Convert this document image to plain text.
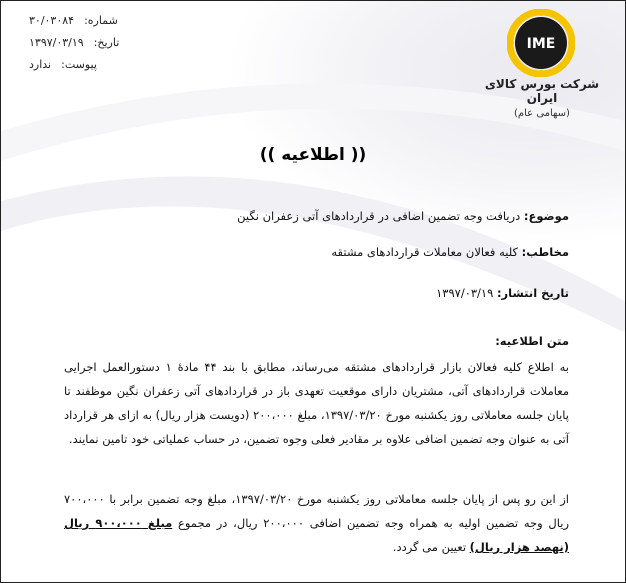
شماره:
۳۰/۰۳۰۸۴
تاریخ:
۱۳۹۷/۰۳/۱۹
پیوست:
ندارد
IME
شرکت بورس کالای ایران
(سهامی عام)
(( اطلاعیه ))
موضوع: دریافت وجه تضمین اضافی در قراردادهای آتی زعفران نگین
مخاطب: کلیه فعالان معاملات قراردادهای مشتقه
تاریخ انتشار: ۱۳۹۷/۰۳/۱۹
متن اطلاعیه:
به اطلاع کلیه فعالان بازار قراردادهای مشتقه می‌رساند، مطابق با بند ۴۴ مادهٔ ۱ دستورالعمل اجرایی معاملات قراردادهای آتی، مشتریان دارای موقعیت تعهدی باز در قراردادهای آتی زعفران نگین موظفند تا پایان جلسه معاملاتی روز یکشنبه مورخ ۱۳۹۷/۰۳/۲۰، مبلغ ۲۰۰،۰۰۰ (دویست هزار ریال) به ازای هر قرارداد آتی به عنوان وجه تضمین اضافی علاوه بر مقادیر فعلی وجوه تضمین، در حساب عملیاتی خود تامین نمایند.
از این رو پس از پایان جلسه معاملاتی روز یکشنبه مورخ ۱۳۹۷/۰۳/۲۰، مبلغ وجه تضمین برابر با ۷۰۰،۰۰۰ ریال وجه تضمین اولیه به همراه وجه تضمین اضافی ۲۰۰،۰۰۰ ریال، در مجموع مبلغ ۹۰۰،۰۰۰ ریال (نهصد هزار ریال) تعیین می گردد.
